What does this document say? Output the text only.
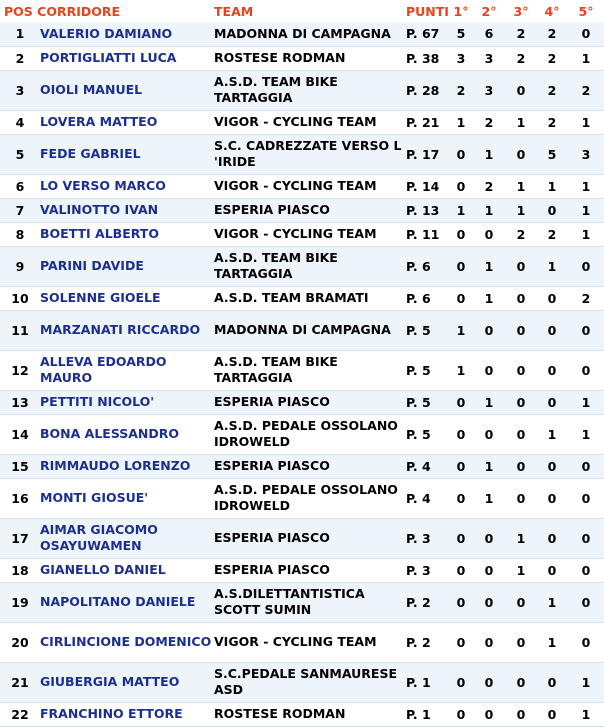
POS CORRIDORE		TEAM	PUNTI	1°	2°	3°	4°	5°
1	VALERIO DAMIANO	MADONNA DI CAMPAGNA	P. 67	5	6	2	2	0
2	PORTIGLIATTI LUCA	ROSTESE RODMAN	P. 38	3	3	2	2	1
3	OIOLI MANUEL	A.S.D. TEAM BIKE TARTAGGIA	P. 28	2	3	0	2	2
4	LOVERA MATTEO	VIGOR - CYCLING TEAM	P. 21	1	2	1	2	1
5	FEDE GABRIEL	S.C. CADREZZATE VERSO L 'IRIDE	P. 17	0	1	0	5	3
6	LO VERSO MARCO	VIGOR - CYCLING TEAM	P. 14	0	2	1	1	1
7	VALINOTTO IVAN	ESPERIA PIASCO	P. 13	1	1	1	0	1
8	BOETTI ALBERTO	VIGOR - CYCLING TEAM	P. 11	0	0	2	2	1
9	PARINI DAVIDE	A.S.D. TEAM BIKE TARTAGGIA	P. 6	0	1	0	1	0
10	SOLENNE GIOELE	A.S.D. TEAM BRAMATI	P. 6	0	1	0	0	2
11	MARZANATI RICCARDO	MADONNA DI CAMPAGNA	P. 5	1	0	0	0	0
12	ALLEVA EDOARDO MAURO	A.S.D. TEAM BIKE TARTAGGIA	P. 5	1	0	0	0	0
13	PETTITI NICOLO'	ESPERIA PIASCO	P. 5	0	1	0	0	1
14	BONA ALESSANDRO	A.S.D. PEDALE OSSOLANO IDROWELD	P. 5	0	0	0	1	1
15	RIMMAUDO LORENZO	ESPERIA PIASCO	P. 4	0	1	0	0	0
16	MONTI GIOSUE'	A.S.D. PEDALE OSSOLANO IDROWELD	P. 4	0	1	0	0	0
17	AIMAR GIACOMO OSAYUWAMEN	ESPERIA PIASCO	P. 3	0	0	1	0	0
18	GIANELLO DANIEL	ESPERIA PIASCO	P. 3	0	0	1	0	0
19	NAPOLITANO DANIELE	A.S.DILETTANTISTICA SCOTT SUMIN	P. 2	0	0	0	1	0
20	CIRLINCIONE DOMENICO	VIGOR - CYCLING TEAM	P. 2	0	0	0	1	0
21	GIUBERGIA MATTEO	S.C.PEDALE SANMAURESE ASD	P. 1	0	0	0	0	1
22	FRANCHINO ETTORE	ROSTESE RODMAN	P. 1	0	0	0	0	1
